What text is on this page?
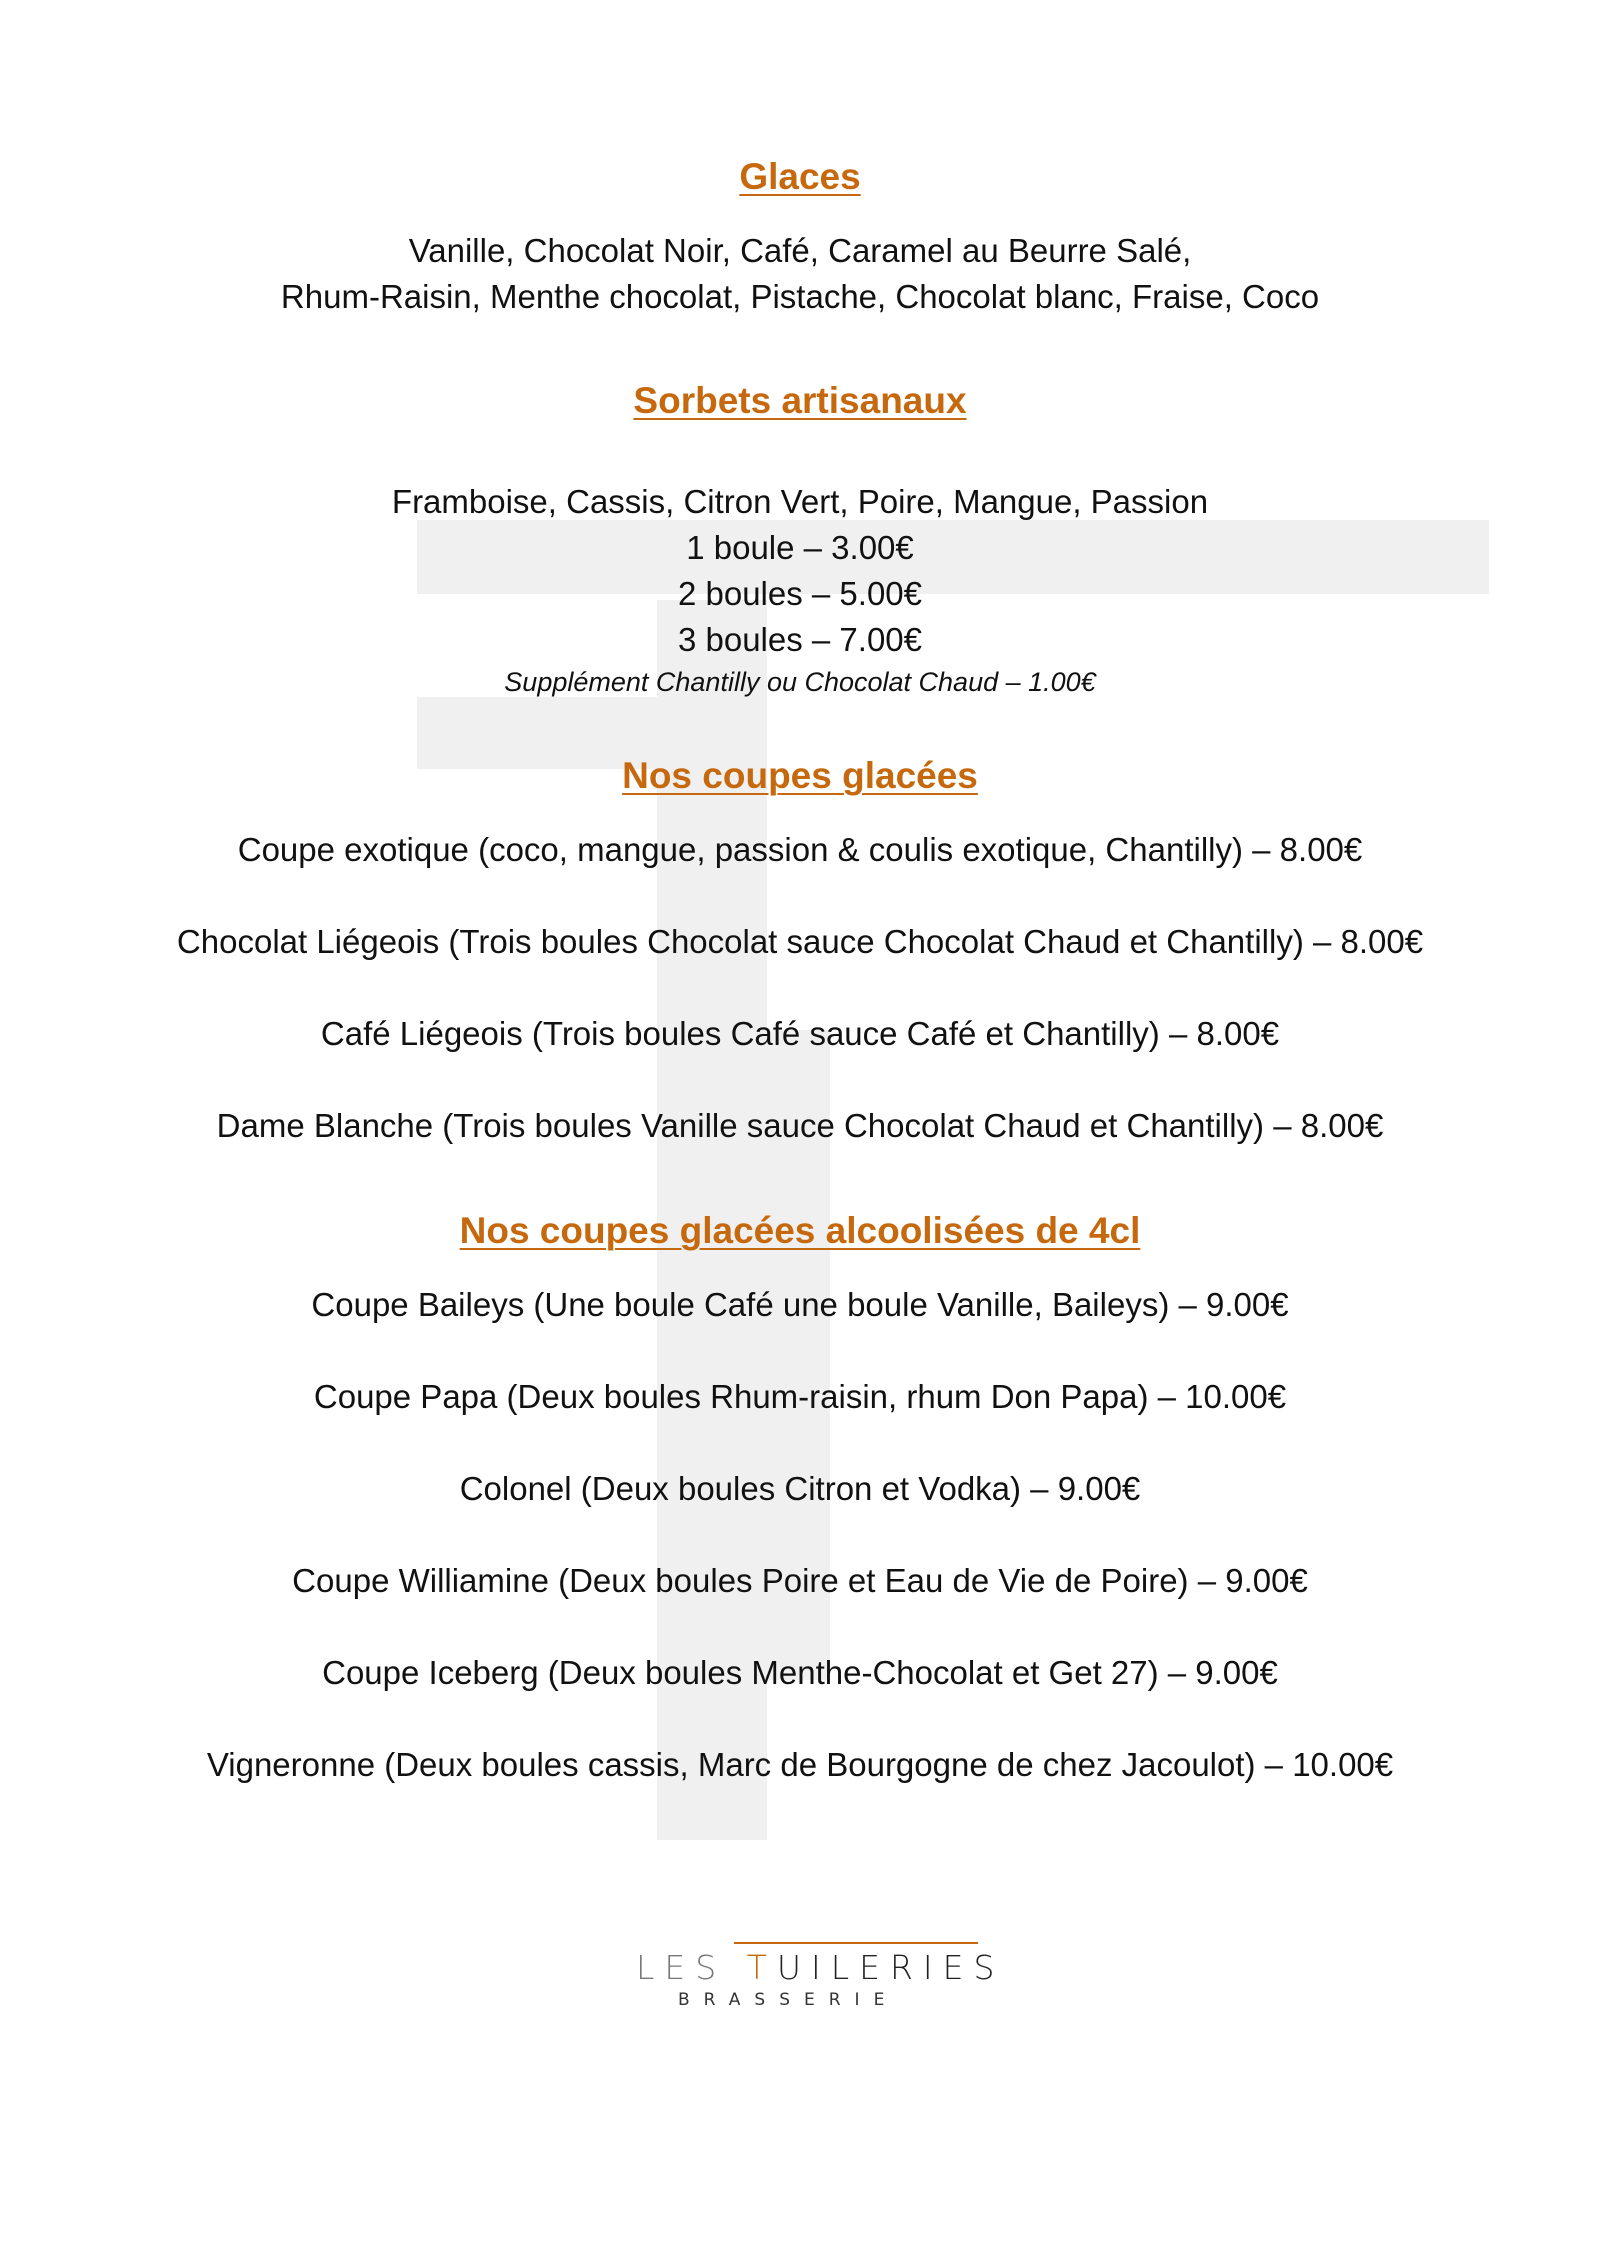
Glaces
Vanille, Chocolat Noir, Café, Caramel au Beurre Salé,
Rhum-Raisin, Menthe chocolat, Pistache, Chocolat blanc, Fraise, Coco
Sorbets artisanaux
Framboise, Cassis, Citron Vert, Poire, Mangue, Passion
1 boule – 3.00€
2 boules – 5.00€
3 boules – 7.00€
Supplément Chantilly ou Chocolat Chaud – 1.00€
Nos coupes glacées
Coupe exotique (coco, mangue, passion & coulis exotique, Chantilly) – 8.00€
Chocolat Liégeois (Trois boules Chocolat sauce Chocolat Chaud et Chantilly) – 8.00€
Café Liégeois (Trois boules Café sauce Café et Chantilly) – 8.00€
Dame Blanche (Trois boules Vanille sauce Chocolat Chaud et Chantilly) – 8.00€
Nos coupes glacées alcoolisées de 4cl
Coupe Baileys (Une boule Café une boule Vanille, Baileys) – 9.00€
Coupe Papa (Deux boules Rhum-raisin, rhum Don Papa) – 10.00€
Colonel (Deux boules Citron et Vodka) – 9.00€
Coupe Williamine (Deux boules Poire et Eau de Vie de Poire) – 9.00€
Coupe Iceberg (Deux boules Menthe-Chocolat et Get 27) – 9.00€
Vigneronne (Deux boules cassis, Marc de Bourgogne de chez Jacoulot) – 10.00€
LES TUILERIES
BRASSERIE
